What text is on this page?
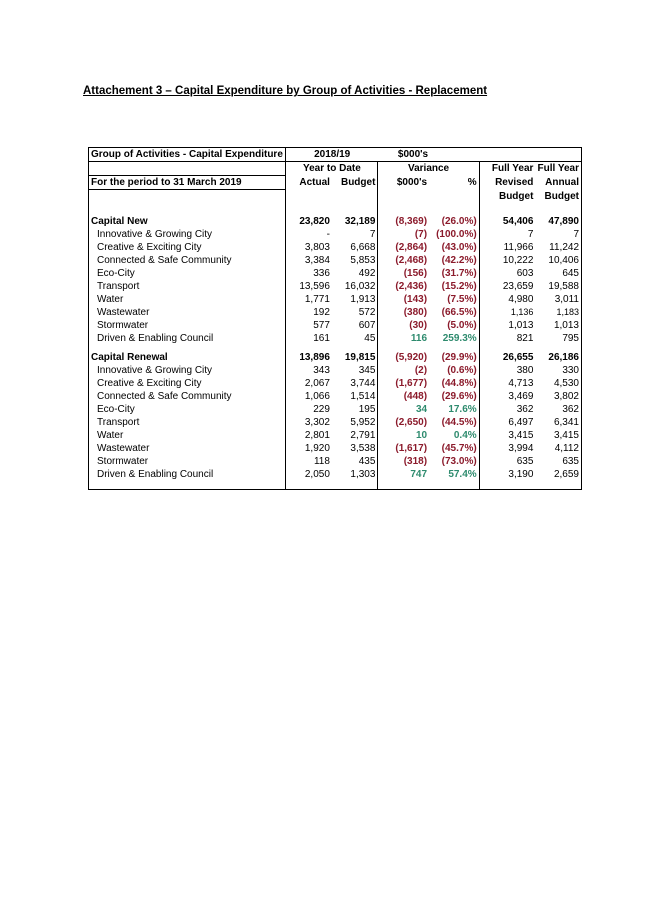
Attachement 3 – Capital Expenditure by Group of Activities - Replacement
Group of Activities - Capital Expenditure	2018/19		$000's			
	Year to Date		Variance		Full Year	Full Year
For the period to 31 March 2019	Actual	Budget	$000's	%	Revised	Annual
					Budget	Budget

Capital New	23,820	32,189	(8,369)	(26.0%)	54,406	47,890
Innovative & Growing City	-	7	(7)	(100.0%)	7	7
Creative & Exciting City	3,803	6,668	(2,864)	(43.0%)	11,966	11,242
Connected & Safe Community	3,384	5,853	(2,468)	(42.2%)	10,222	10,406
Eco-City	336	492	(156)	(31.7%)	603	645
Transport	13,596	16,032	(2,436)	(15.2%)	23,659	19,588
Water	1,771	1,913	(143)	(7.5%)	4,980	3,011
Wastewater	192	572	(380)	(66.5%)	1,136	1,183
Stormwater	577	607	(30)	(5.0%)	1,013	1,013
Driven & Enabling Council	161	45	116	259.3%	821	795

Capital Renewal	13,896	19,815	(5,920)	(29.9%)	26,655	26,186
Innovative & Growing City	343	345	(2)	(0.6%)	380	330
Creative & Exciting City	2,067	3,744	(1,677)	(44.8%)	4,713	4,530
Connected & Safe Community	1,066	1,514	(448)	(29.6%)	3,469	3,802
Eco-City	229	195	34	17.6%	362	362
Transport	3,302	5,952	(2,650)	(44.5%)	6,497	6,341
Water	2,801	2,791	10	0.4%	3,415	3,415
Wastewater	1,920	3,538	(1,617)	(45.7%)	3,994	4,112
Stormwater	118	435	(318)	(73.0%)	635	635
Driven & Enabling Council	2,050	1,303	747	57.4%	3,190	2,659
